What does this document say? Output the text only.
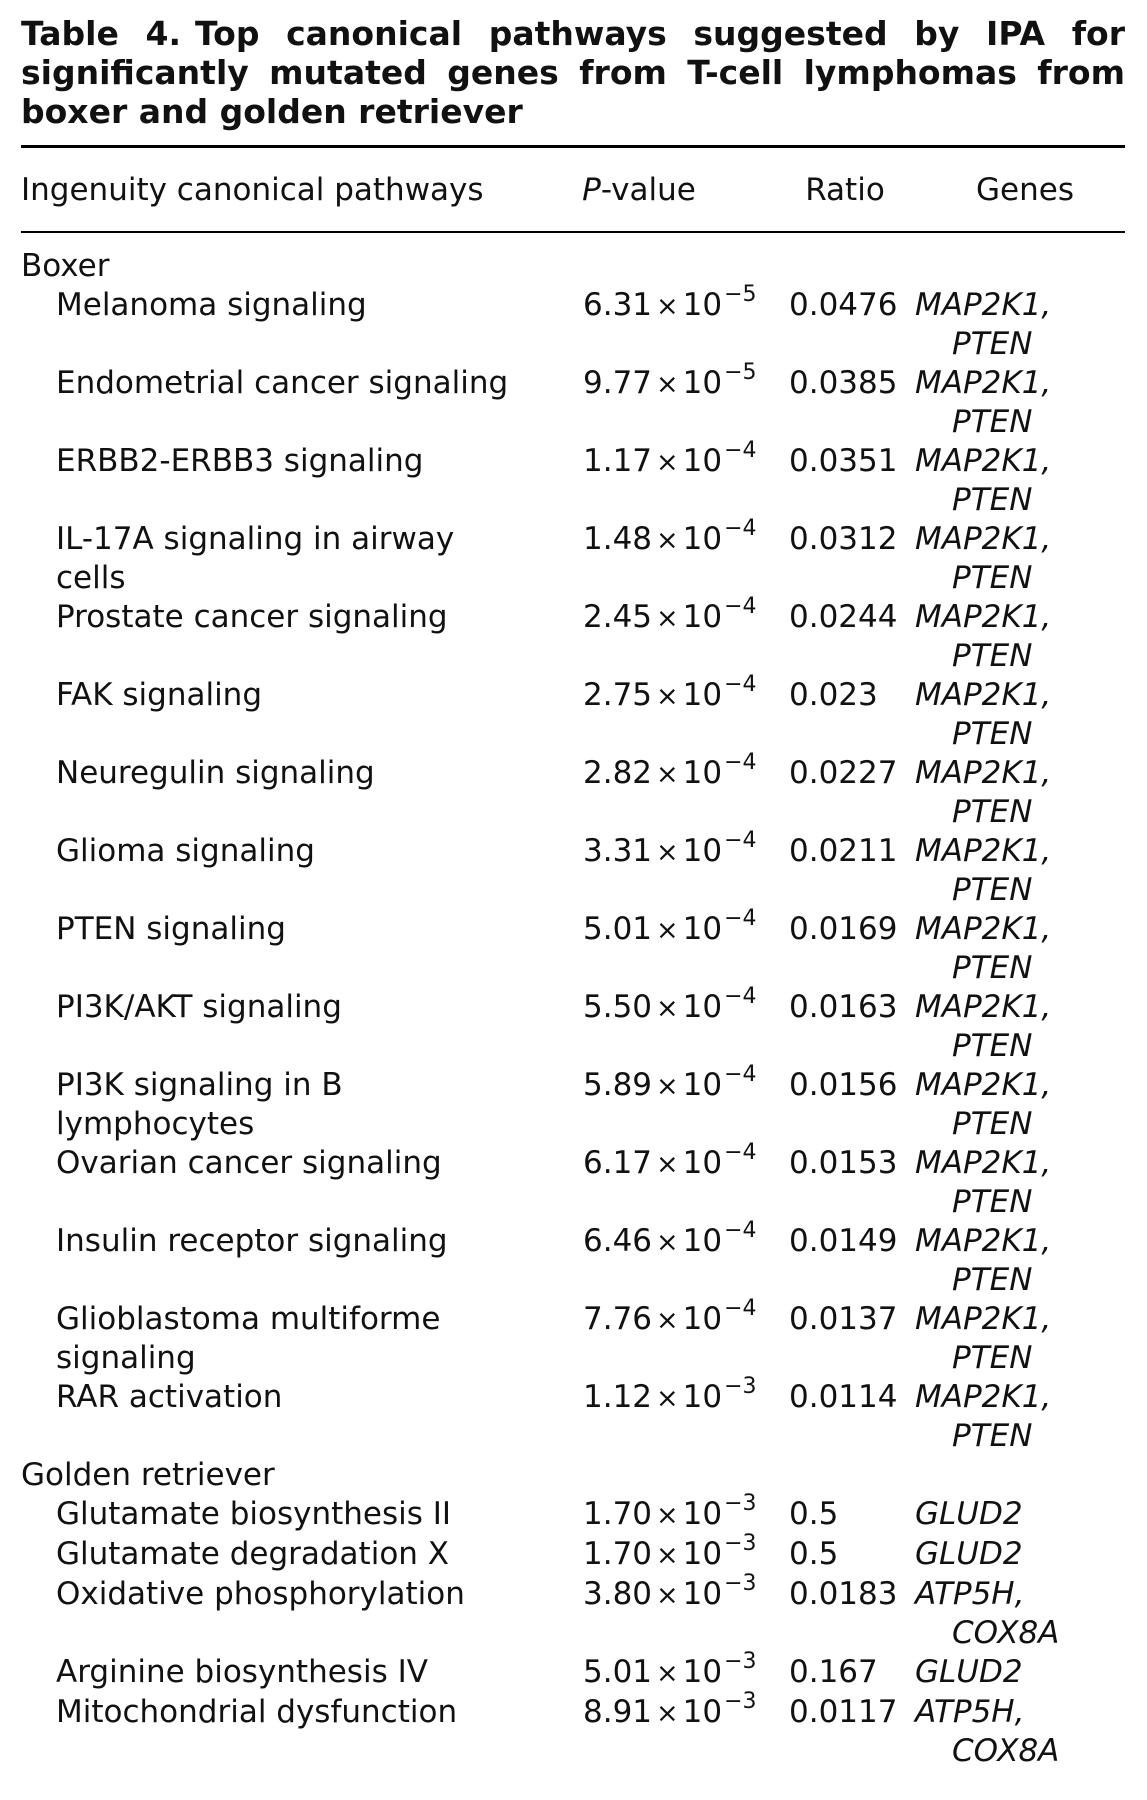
Table 4. Top canonical pathways suggested by IPA for significantly mutated genes from T-cell lymphomas from boxer and golden retriever
Ingenuity canonical pathways	P-value	Ratio	Genes
Boxer
Melanoma signaling	$6.31 \times 10^{-5}$	0.0476 MAP2K1,
PTEN
Endometrial cancer signaling	$9.77 \times 10^{-5}$	0.0385 MAP2K1,
PTEN
ERBB2-ERBB3 signaling	$1.17 \times 10^{-4}$	0.0351 MAP2K1,
PTEN
IL-17A signaling in airway cells
$1.48 \times 10^{-4}$	0.0312 MAP2K1,
PTEN
Prostate cancer signaling	$2.45 \times 10^{-4}$	0.0244 MAP2K1,
PTEN
FAK signaling	$2.75 \times 10^{-4}$	0.023	MAP2K1,
PTEN
Neuregulin signaling	$2.82 \times 10^{-4}$	0.0227 MAP2K1,
PTEN
Glioma signaling	$3.31 \times 10^{-4}$	0.0211 MAP2K1,
PTEN
PTEN signaling	$5.01 \times 10^{-4}$	0.0169 MAP2K1,
PTEN
PI3K/AKT signaling	$5.50 \times 10^{-4}$	0.0163 MAP2K1,
PTEN
PI3K signaling in B lymphocytes
$5.89 \times 10^{-4}$	0.0156 MAP2K1,
PTEN
Ovarian cancer signaling	$6.17 \times 10^{-4}$	0.0153 MAP2K1,
PTEN
Insulin receptor signaling	$6.46 \times 10^{-4}$	0.0149 MAP2K1,
PTEN
Glioblastoma multiforme signaling
$7.76 \times 10^{-4}$	0.0137 MAP2K1,
PTEN
RAR activation	$1.12 \times 10^{-3}$	0.0114 MAP2K1,
PTEN
Golden retriever
Glutamate biosynthesis II	$1.70 \times 10^{-3}$	0.5	GLUD2
Glutamate degradation X	$1.70 \times 10^{-3}$	0.5	GLUD2
Oxidative phosphorylation	$3.80 \times 10^{-3}$	0.0183 ATP5H,
COX8A
Arginine biosynthesis IV	$5.01 \times 10^{-3}$	0.167	GLUD2
Mitochondrial dysfunction	$8.91 \times 10^{-3}$	0.0117 ATP5H,
COX8A
